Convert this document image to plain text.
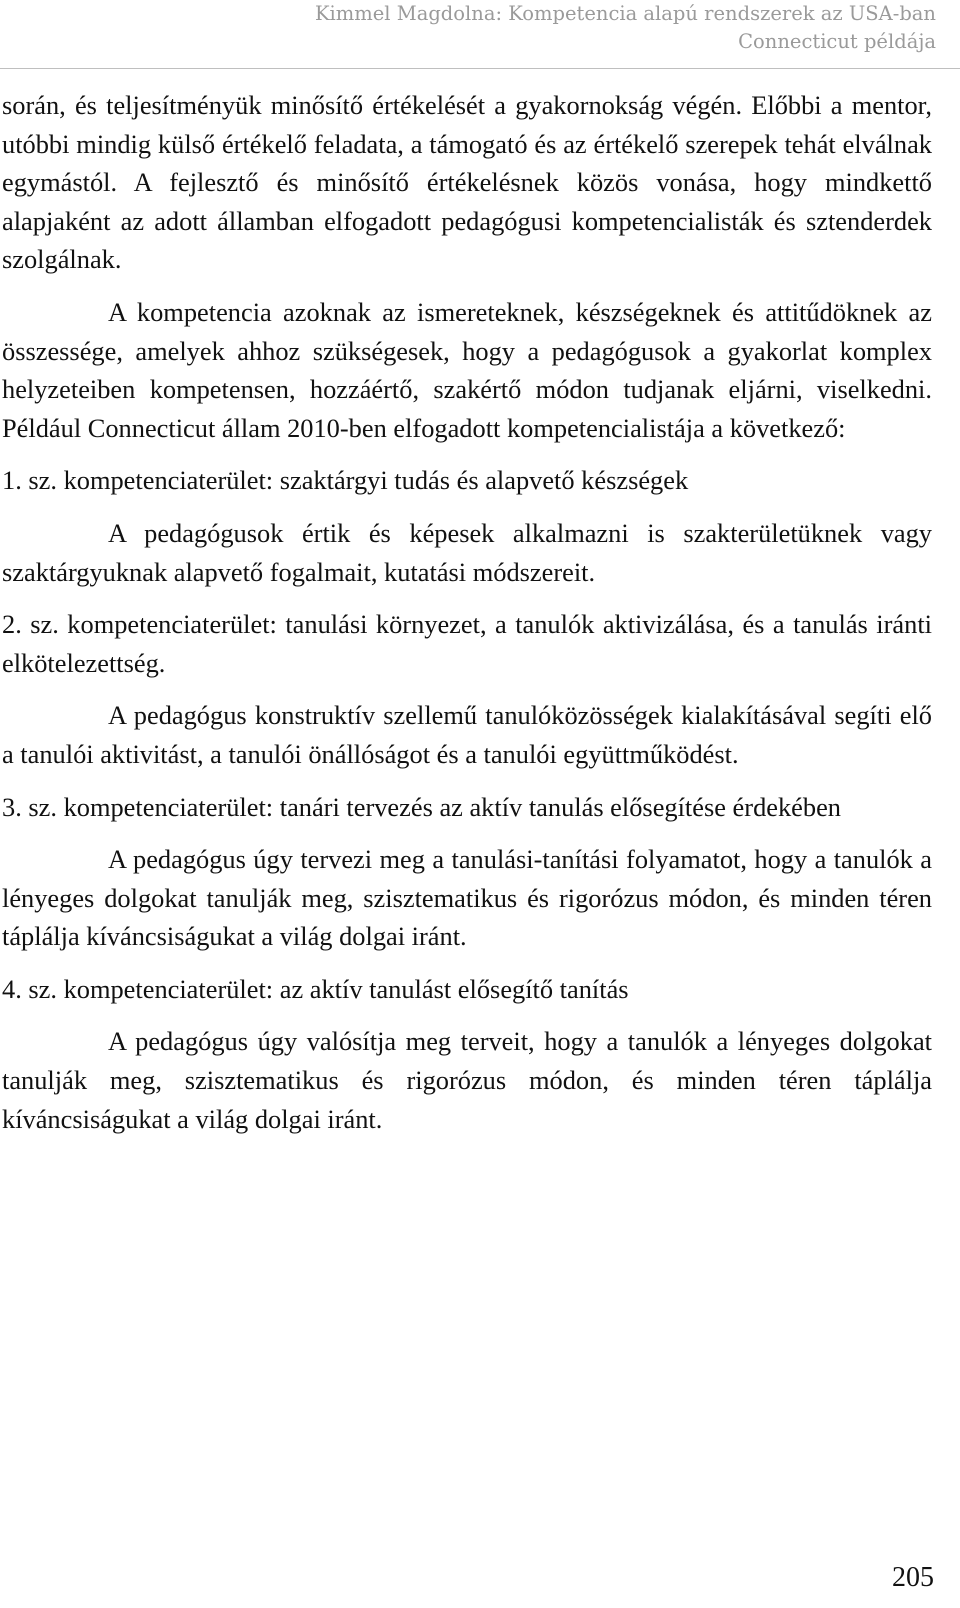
Kimmel Magdolna: Kompetencia alapú rendszerek az USA-ban
Connecticut példája

során, és teljesítményük minősítő értékelését a gyakornokság végén. Előbbi a mentor, utóbbi mindig külső értékelő feladata, a támogató és az értékelő szerepek tehát elválnak egymástól. A fejlesztő és minősítő értékelésnek közös vonása, hogy mindkettő alapjaként az adott államban elfogadott pedagógusi kompetencialisták és sztenderdek szolgálnak.

A kompetencia azoknak az ismereteknek, készségeknek és attitűdöknek az összessége, amelyek ahhoz szükségesek, hogy a pedagógusok a gyakorlat komplex helyzeteiben kompetensen, hozzáértő, szakértő módon tudjanak eljárni, viselkedni. Például Connecticut állam 2010-ben elfogadott kompetencialistája a következő:

1. sz. kompetenciaterület: szaktárgyi tudás és alapvető készségek

A pedagógusok értik és képesek alkalmazni is szakterületüknek vagy szaktárgyuknak alapvető fogalmait, kutatási módszereit.

2. sz. kompetenciaterület: tanulási környezet, a tanulók aktivizálása, és a tanulás iránti elkötelezettség.

A pedagógus konstruktív szellemű tanulóközösségek kialakításával segíti elő a tanulói aktivitást, a tanulói önállóságot és a tanulói együttműködést.

3. sz. kompetenciaterület: tanári tervezés az aktív tanulás elősegítése érdekében

A pedagógus úgy tervezi meg a tanulási-tanítási folyamatot, hogy a tanulók a lényeges dolgokat tanulják meg, szisztematikus és rigorózus módon, és minden téren táplálja kíváncsiságukat a világ dolgai iránt.

4. sz. kompetenciaterület: az aktív tanulást elősegítő tanítás

A pedagógus úgy valósítja meg terveit, hogy a tanulók a lényeges dolgokat tanulják meg, szisztematikus és rigorózus módon, és minden téren táplálja kíváncsiságukat a világ dolgai iránt.

205
